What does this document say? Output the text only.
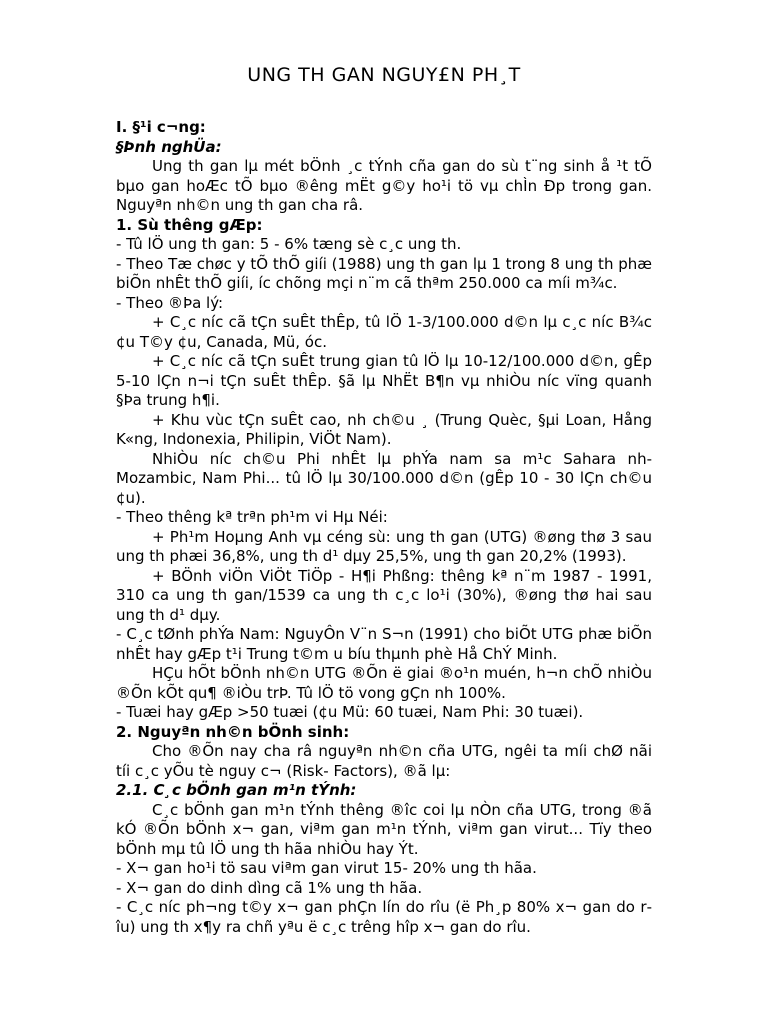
UNG TH GAN NGUY£N PH¸T

I. §¹i c¬ng:

§Þnh nghÜa:

Ung th gan lµ mét bÖnh ¸c tÝnh cña gan do sù t¨ng sinh å ¹t tÕ bµo gan hoÆc tÕ bµo ®êng mËt g©y ho¹i tö vµ chÌn Ðp trong gan. Nguyªn nh©n ung th gan cha râ.

1. Sù thêng gÆp:

- Tû lÖ ung th gan: 5 - 6% tæng sè c¸c ung th.

- Theo Tæ chøc y tÕ thÕ giíi (1988) ung th gan lµ 1 trong 8 ung th phæ biÕn nhÊt thÕ giíi, íc chõng mçi n¨m cã thªm 250.000 ca míi m¾c.

- Theo ®Þa lý:

+ C¸c níc cã tÇn suÊt thÊp, tû lÖ 1-3/100.000 d©n lµ c¸c níc B¾c ¢u T©y ¢u, Canada, Mü, óc.

+ C¸c níc cã tÇn suÊt trung gian tû lÖ lµ 10-12/100.000 d©n, gÊp 5-10 lÇn n¬i tÇn suÊt thÊp. §ã lµ NhËt B¶n vµ nhiÒu níc vïng quanh §Þa trung h¶i.

+ Khu vùc tÇn suÊt cao, nh ch©u ¸ (Trung Quèc, §µi Loan, Hång K«ng, Indonexia, Philipin, ViÖt Nam).

NhiÒu níc ch©u Phi nhÊt lµ phÝa nam sa m¹c Sahara nh Mozambic, Nam Phi... tû lÖ lµ 30/100.000 d©n (gÊp 10 - 30 lÇn ch©u ¢u).

- Theo thêng kª trªn ph¹m vi Hµ Néi:

+ Ph¹m Hoµng Anh vµ céng sù: ung th gan (UTG) ®øng thø 3 sau ung th phæi 36,8%, ung th d¹ dµy 25,5%, ung th gan 20,2% (1993).

+ BÖnh viÖn ViÖt TiÖp - H¶i Phßng: thêng kª n¨m 1987 - 1991, 310 ca ung th gan/1539 ca ung th c¸c lo¹i (30%), ®øng thø hai sau ung th d¹ dµy.

- C¸c tØnh phÝa Nam: NguyÔn V¨n S¬n (1991) cho biÕt UTG phæ biÕn nhÊt hay gÆp t¹i Trung t©m u bíu thµnh phè Hå ChÝ Minh.

HÇu hÕt bÖnh nh©n UTG ®Õn ë giai ®o¹n muén, h¬n chÕ nhiÒu ®Õn kÕt qu¶ ®iÒu trÞ. Tû lÖ tö vong gÇn nh 100%.

- Tuæi hay gÆp >50 tuæi (¢u Mü: 60 tuæi, Nam Phi: 30 tuæi).

2. Nguyªn nh©n bÖnh sinh:

Cho ®Õn nay cha râ nguyªn nh©n cña UTG, ngêi ta míi chØ nãi tíi c¸c yÕu tè nguy c¬ (Risk- Factors), ®ã lµ:

2.1. C¸c bÖnh gan m¹n tÝnh:

C¸c bÖnh gan m¹n tÝnh thêng ®îc coi lµ nÒn cña UTG, trong ®ã kÓ ®Õn bÖnh x¬ gan, viªm gan m¹n tÝnh, viªm gan virut... Tïy theo bÖnh mµ tû lÖ ung th hãa nhiÒu hay Ýt.

- X¬ gan ho¹i tö sau viªm gan virut 15- 20% ung th hãa.

- X¬ gan do dinh dìng cã 1% ung th hãa.

- C¸c níc ph¬ng t©y x¬ gan phÇn lín do rîu (ë Ph¸p 80% x¬ gan do rîu) ung th x¶y ra chñ yªu ë c¸c trêng hîp x¬ gan do rîu.
